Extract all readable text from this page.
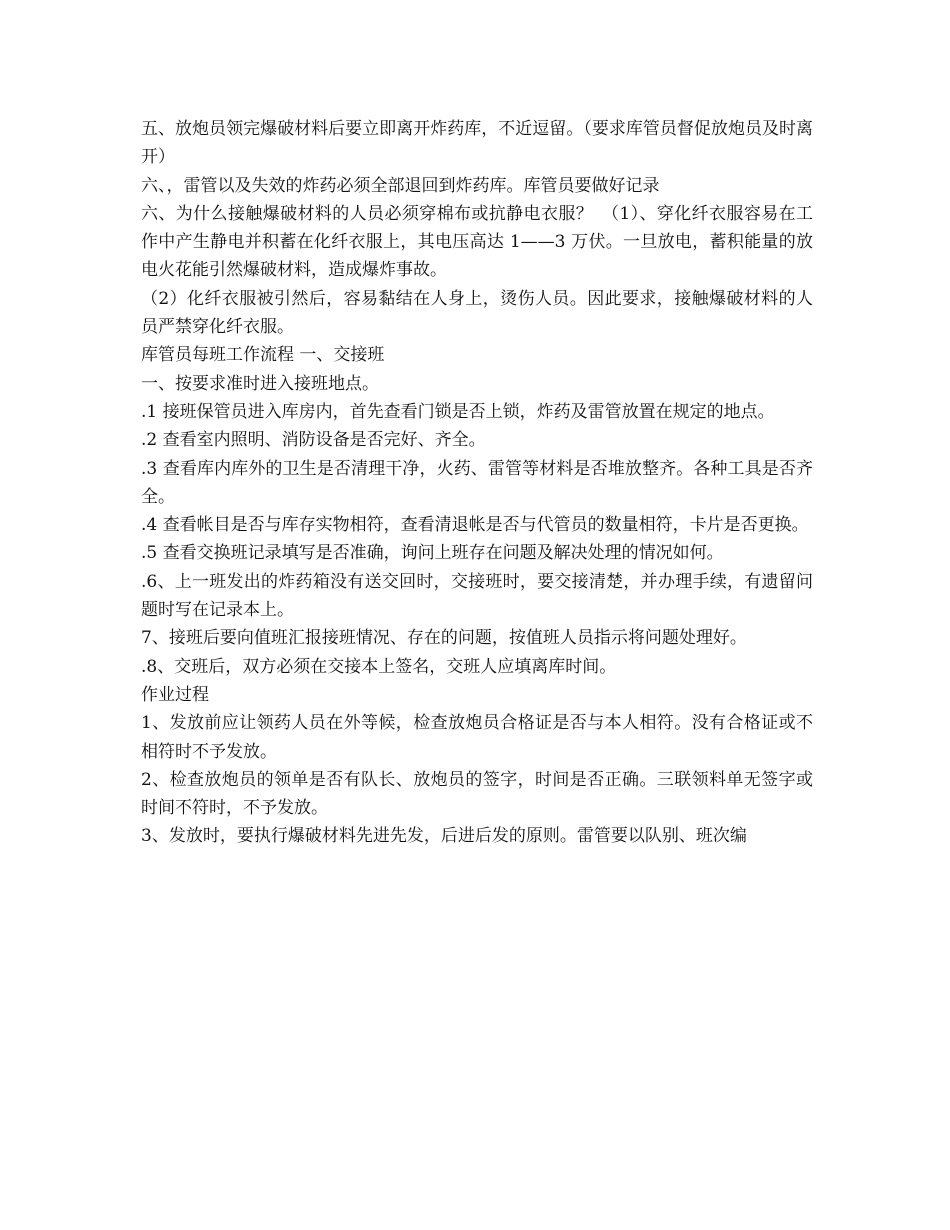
五、放炮员领完爆破材料后要立即离开炸药库，不近逗留。（要求库管员督促放炮员及时离开）

六、，雷管以及失效的炸药必须全部退回到炸药库。库管员要做好记录

六、为什么接触爆破材料的人员必须穿棉布或抗静电衣服？　（1）、穿化纤衣服容易在工作中产生静电并积蓄在化纤衣服上，其电压高达 1——3 万伏。一旦放电，蓄积能量的放电火花能引然爆破材料，造成爆炸事故。

（2）化纤衣服被引然后，容易黏结在人身上，烫伤人员。因此要求，接触爆破材料的人员严禁穿化纤衣服。

库管员每班工作流程 一、交接班

一、按要求准时进入接班地点。

.1 接班保管员进入库房内，首先查看门锁是否上锁，炸药及雷管放置在规定的地点。

.2 查看室内照明、消防设备是否完好、齐全。

.3 查看库内库外的卫生是否清理干净，火药、雷管等材料是否堆放整齐。各种工具是否齐全。

.4 查看帐目是否与库存实物相符，查看清退帐是否与代管员的数量相符，卡片是否更换。

.5 查看交换班记录填写是否准确，询问上班存在问题及解决处理的情况如何。

.6、上一班发出的炸药箱没有送交回时，交接班时，要交接清楚，并办理手续，有遗留问题时写在记录本上。

7、接班后要向值班汇报接班情况、存在的问题，按值班人员指示将问题处理好。

.8、交班后，双方必须在交接本上签名，交班人应填离库时间。

作业过程

1、发放前应让领药人员在外等候，检查放炮员合格证是否与本人相符。没有合格证或不相符时不予发放。

2、检查放炮员的领单是否有队长、放炮员的签字，时间是否正确。三联领料单无签字或时间不符时，不予发放。

3、发放时，要执行爆破材料先进先发，后进后发的原则。雷管要以队别、班次编
